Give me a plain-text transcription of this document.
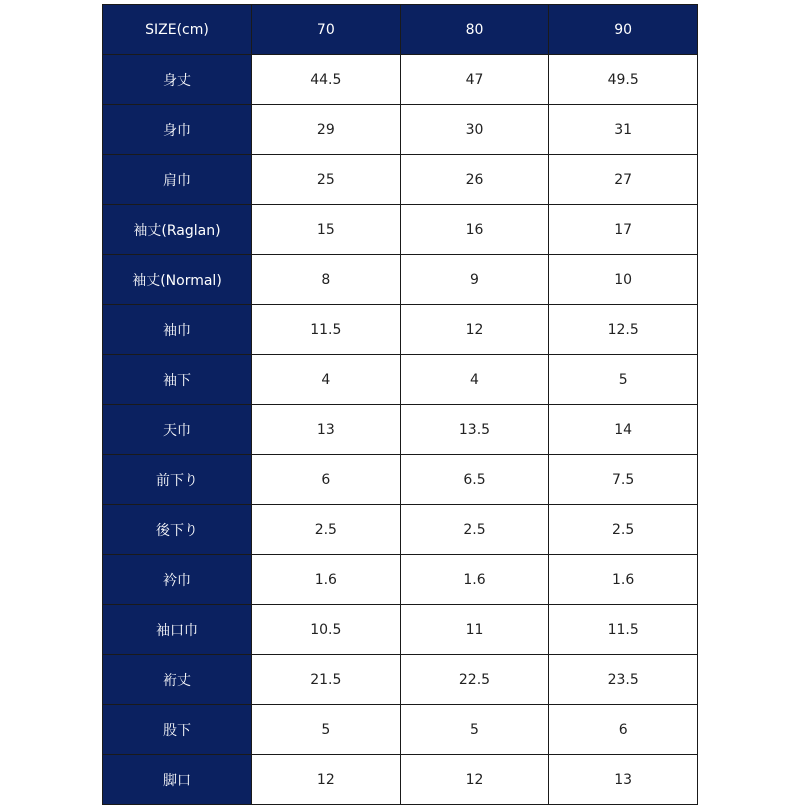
SIZE(cm)	70	80	90
身丈	44.5	47	49.5
身巾	29	30	31
肩巾	25	26	27
袖丈(Raglan)	15	16	17
袖丈(Normal)	8	9	10
袖巾	11.5	12	12.5
袖下	4	4	5
天巾	13	13.5	14
前下り	6	6.5	7.5
後下り	2.5	2.5	2.5
衿巾	1.6	1.6	1.6
袖口巾	10.5	11	11.5
裄丈	21.5	22.5	23.5
股下	5	5	6
脚口	12	12	13
